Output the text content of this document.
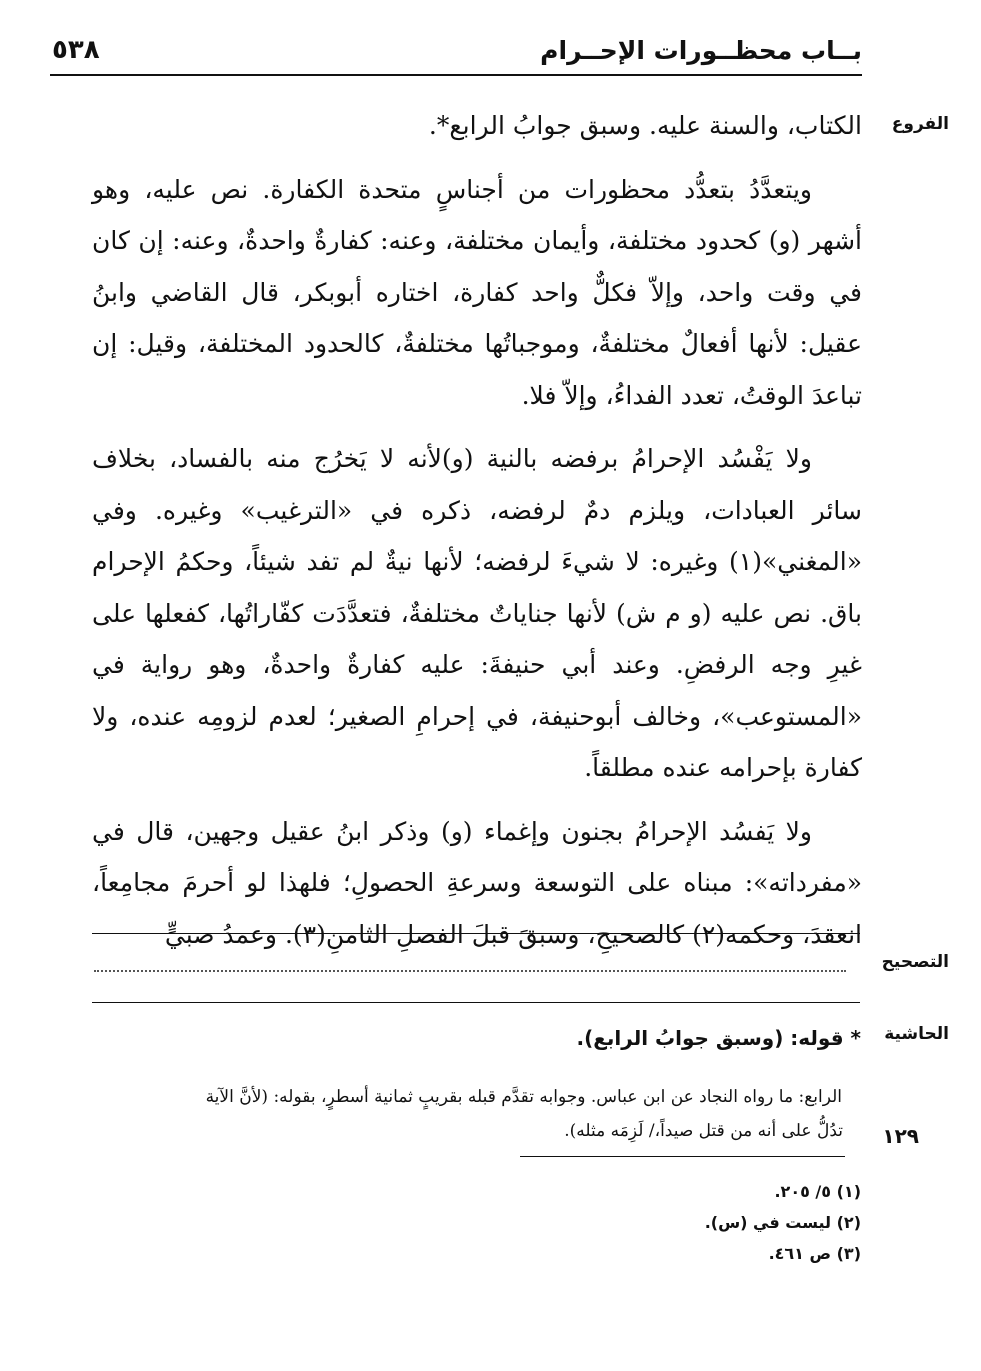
بــاب محظــورات الإحــرام
٥٣٨
الفروع

الكتاب، والسنة عليه. وسبق جوابُ الرابع*.

ويتعدَّدُ بتعدُّد محظورات من أجناسٍ متحدة الكفارة. نص عليه، وهو أشهر (و) كحدود مختلفة، وأيمان مختلفة، وعنه: كفارةٌ واحدةٌ، وعنه: إن كان في وقت واحد، وإلاّ فكلٌّ واحد كفارة، اختاره أبوبكر، قال القاضي وابنُ عقيل: لأنها أفعالٌ مختلفةٌ، وموجباتُها مختلفةٌ، كالحدود المختلفة، وقيل: إن تباعدَ الوقتُ، تعدد الفداءُ، وإلاّ فلا.

ولا يَفْسُد الإحرامُ برفضه بالنية (و)لأنه لا يَخرُج منه بالفساد، بخلاف سائر العبادات، ويلزم دمٌ لرفضه، ذكره في «الترغيب» وغيره. وفي «المغني»(١) وغيره: لا شيءَ لرفضه؛ لأنها نيةٌ لم تفد شيئاً، وحكمُ الإحرام باق. نص عليه (و م ش) لأنها جناياتٌ مختلفةٌ، فتعدَّدَت كفّاراتُها، كفعلها على غيرِ وجه الرفضِ. وعند أبي حنيفةَ: عليه كفارةٌ واحدةٌ، وهو رواية في «المستوعب»، وخالف أبوحنيفة، في إحرامِ الصغير؛ لعدم لزومِه عنده، ولا كفارة بإحرامه عنده مطلقاً.

ولا يَفسُد الإحرامُ بجنون وإغماء (و) وذكر ابنُ عقيل وجهين، قال في «مفرداته»: مبناه على التوسعة وسرعةِ الحصولِ؛ فلهذا لو أحرمَ مجامِعاً، انعقدَ، وحكمه(٢) كالصحيحِ، وسبقَ قبلَ الفصلِ الثامنِ(٣). وعمدُ صبيٍّ

التصحيح
الحاشية
* قوله: (وسبق جوابُ الرابع).
الرابع: ما رواه النجاد عن ابن عباس. وجوابه تقدَّم قبله بقريبٍ ثمانية أسطرٍ، بقوله: (لأنَّ الآية
تدُلُّ على أنه من قتل صيداً،/ لَزِمَه مثله). ١٢٩
(١) ٥/ ٢٠٥.
(٢) ليست في (س).
(٣) ص ٤٦١.
